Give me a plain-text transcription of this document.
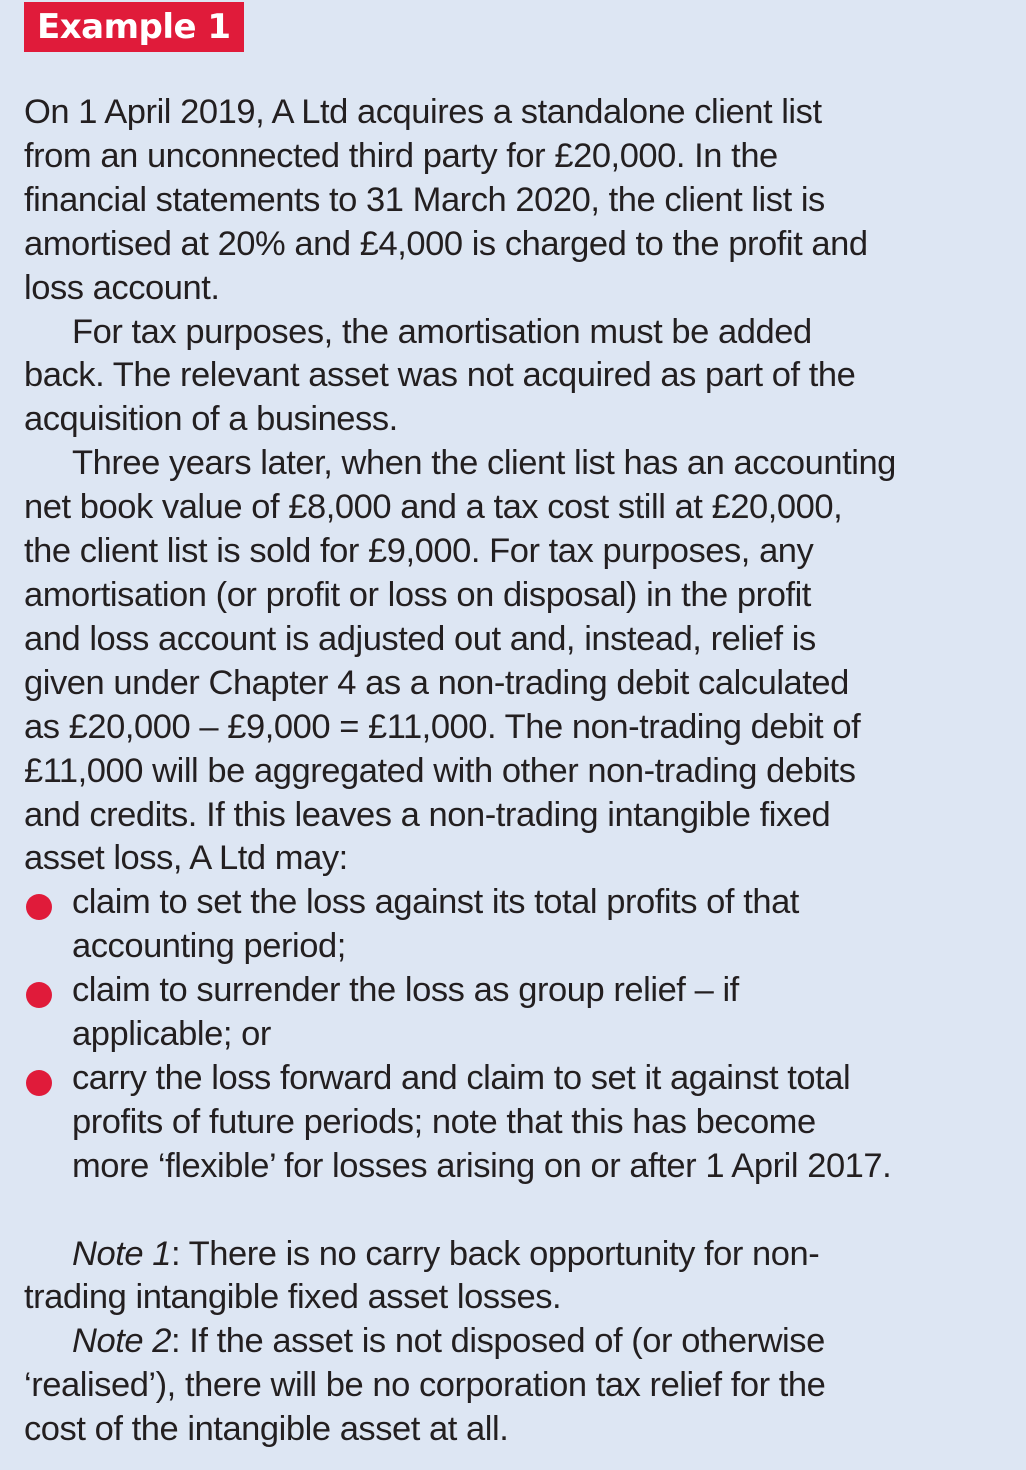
Example 1
On 1 April 2019, A Ltd acquires a standalone client list
from an unconnected third party for £20,000. In the
financial statements to 31 March 2020, the client list is
amortised at 20% and £4,000 is charged to the profit and
loss account.
For tax purposes, the amortisation must be added
back. The relevant asset was not acquired as part of the
acquisition of a business.
Three years later, when the client list has an accounting
net book value of £8,000 and a tax cost still at £20,000,
the client list is sold for £9,000. For tax purposes, any
amortisation (or profit or loss on disposal) in the profit
and loss account is adjusted out and, instead, relief is
given under Chapter 4 as a non-trading debit calculated
as £20,000 – £9,000 = £11,000. The non-trading debit of
£11,000 will be aggregated with other non-trading debits
and credits. If this leaves a non-trading intangible fixed
asset loss, A Ltd may:
claim to set the loss against its total profits of that
accounting period;
claim to surrender the loss as group relief – if
applicable; or
carry the loss forward and claim to set it against total
profits of future periods; note that this has become
more ‘flexible’ for losses arising on or after 1 April 2017.
Note 1: There is no carry back opportunity for non-
trading intangible fixed asset losses.
Note 2: If the asset is not disposed of (or otherwise
‘realised’), there will be no corporation tax relief for the
cost of the intangible asset at all.
